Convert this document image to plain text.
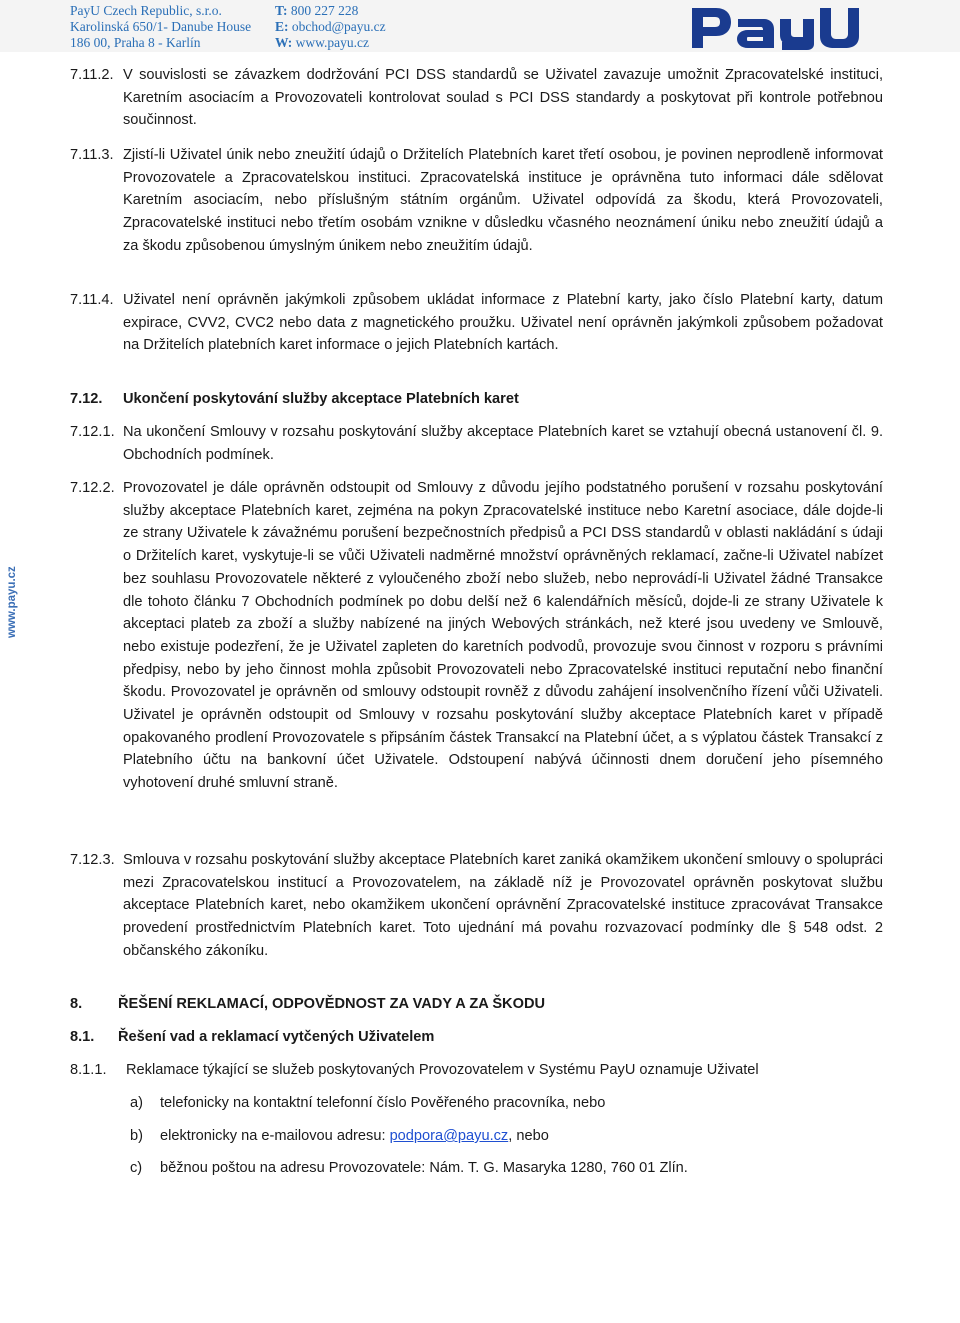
PayU Czech Republic, s.r.o.
Karolinská 650/1- Danube House
186 00, Praha 8 - Karlín
T: 800 227 228
E: obchod@payu.cz
W: www.payu.cz
www.payu.cz
7.11.2. V souvislosti se závazkem dodržování PCI DSS standardů se Uživatel zavazuje umožnit Zpracovatelské instituci, Karetním asociacím a Provozovateli kontrolovat soulad s PCI DSS standardy a poskytovat při kontrole potřebnou součinnost.
7.11.3. Zjistí-li Uživatel únik nebo zneužití údajů o Držitelích Platebních karet třetí osobou, je povinen neprodleně informovat Provozovatele a Zpracovatelskou instituci. Zpracovatelská instituce je oprávněna tuto informaci dále sdělovat Karetním asociacím, nebo příslušným státním orgánům. Uživatel odpovídá za škodu, která Provozovateli, Zpracovatelské instituci nebo třetím osobám vznikne v důsledku včasného neoznámení úniku nebo zneužití údajů a za škodu způsobenou úmyslným únikem nebo zneužitím údajů.
7.11.4. Uživatel není oprávněn jakýmkoli způsobem ukládat informace z Platební karty, jako číslo Platební karty, datum expirace, CVV2, CVC2 nebo data z magnetického proužku. Uživatel není oprávněn jakýmkoli způsobem požadovat na Držitelích platebních karet informace o jejich Platebních kartách.
7.12. Ukončení poskytování služby akceptace Platebních karet
7.12.1. Na ukončení Smlouvy v rozsahu poskytování služby akceptace Platebních karet se vztahují obecná ustanovení čl. 9. Obchodních podmínek.
7.12.2. Provozovatel je dále oprávněn odstoupit od Smlouvy z důvodu jejího podstatného porušení v rozsahu poskytování služby akceptace Platebních karet, zejména na pokyn Zpracovatelské instituce nebo Karetní asociace, dále dojde-li ze strany Uživatele k závažnému porušení bezpečnostních předpisů a PCI DSS standardů v oblasti nakládání s údaji o Držitelích karet, vyskytuje-li se vůči Uživateli nadměrné množství oprávněných reklamací, začne-li Uživatel nabízet bez souhlasu Provozovatele některé z vyloučeného zboží nebo služeb, nebo neprovádí-li Uživatel žádné Transakce dle tohoto článku 7 Obchodních podmínek po dobu delší než 6 kalendářních měsíců, dojde-li ze strany Uživatele k akceptaci plateb za zboží a služby nabízené na jiných Webových stránkách, než které jsou uvedeny ve Smlouvě, nebo existuje podezření, že je Uživatel zapleten do karetních podvodů, provozuje svou činnost v rozporu s právními předpisy, nebo by jeho činnost mohla způsobit Provozovateli nebo Zpracovatelské instituci reputační nebo finanční škodu. Provozovatel je oprávněn od smlouvy odstoupit rovněž z důvodu zahájení insolvenčního řízení vůči Uživateli. Uživatel je oprávněn odstoupit od Smlouvy v rozsahu poskytování služby akceptace Platebních karet v případě opakovaného prodlení Provozovatele s připsáním částek Transakcí na Platební účet, a s výplatou částek Transakcí z Platebního účtu na bankovní účet Uživatele. Odstoupení nabývá účinnosti dnem doručení jeho písemného vyhotovení druhé smluvní straně.
7.12.3. Smlouva v rozsahu poskytování služby akceptace Platebních karet zaniká okamžikem ukončení smlouvy o spolupráci mezi Zpracovatelskou institucí a Provozovatelem, na základě níž je Provozovatel oprávněn poskytovat službu akceptace Platebních karet, nebo okamžikem ukončení oprávnění Zpracovatelské instituce zpracovávat Transakce provedení prostřednictvím Platebních karet. Toto ujednání má povahu rozvazovací podmínky dle § 548 odst. 2 občanského zákoníku.
8. ŘEŠENÍ REKLAMACÍ, ODPOVĚDNOST ZA VADY A ZA ŠKODU
8.1. Řešení vad a reklamací vytčených Uživatelem
8.1.1. Reklamace týkající se služeb poskytovaných Provozovatelem v Systému PayU oznamuje Uživatel
a) telefonicky na kontaktní telefonní číslo Pověřeného pracovníka, nebo
b) elektronicky na e-mailovou adresu: podpora@payu.cz, nebo
c) běžnou poštou na adresu Provozovatele: Nám. T. G. Masaryka 1280, 760 01 Zlín.
